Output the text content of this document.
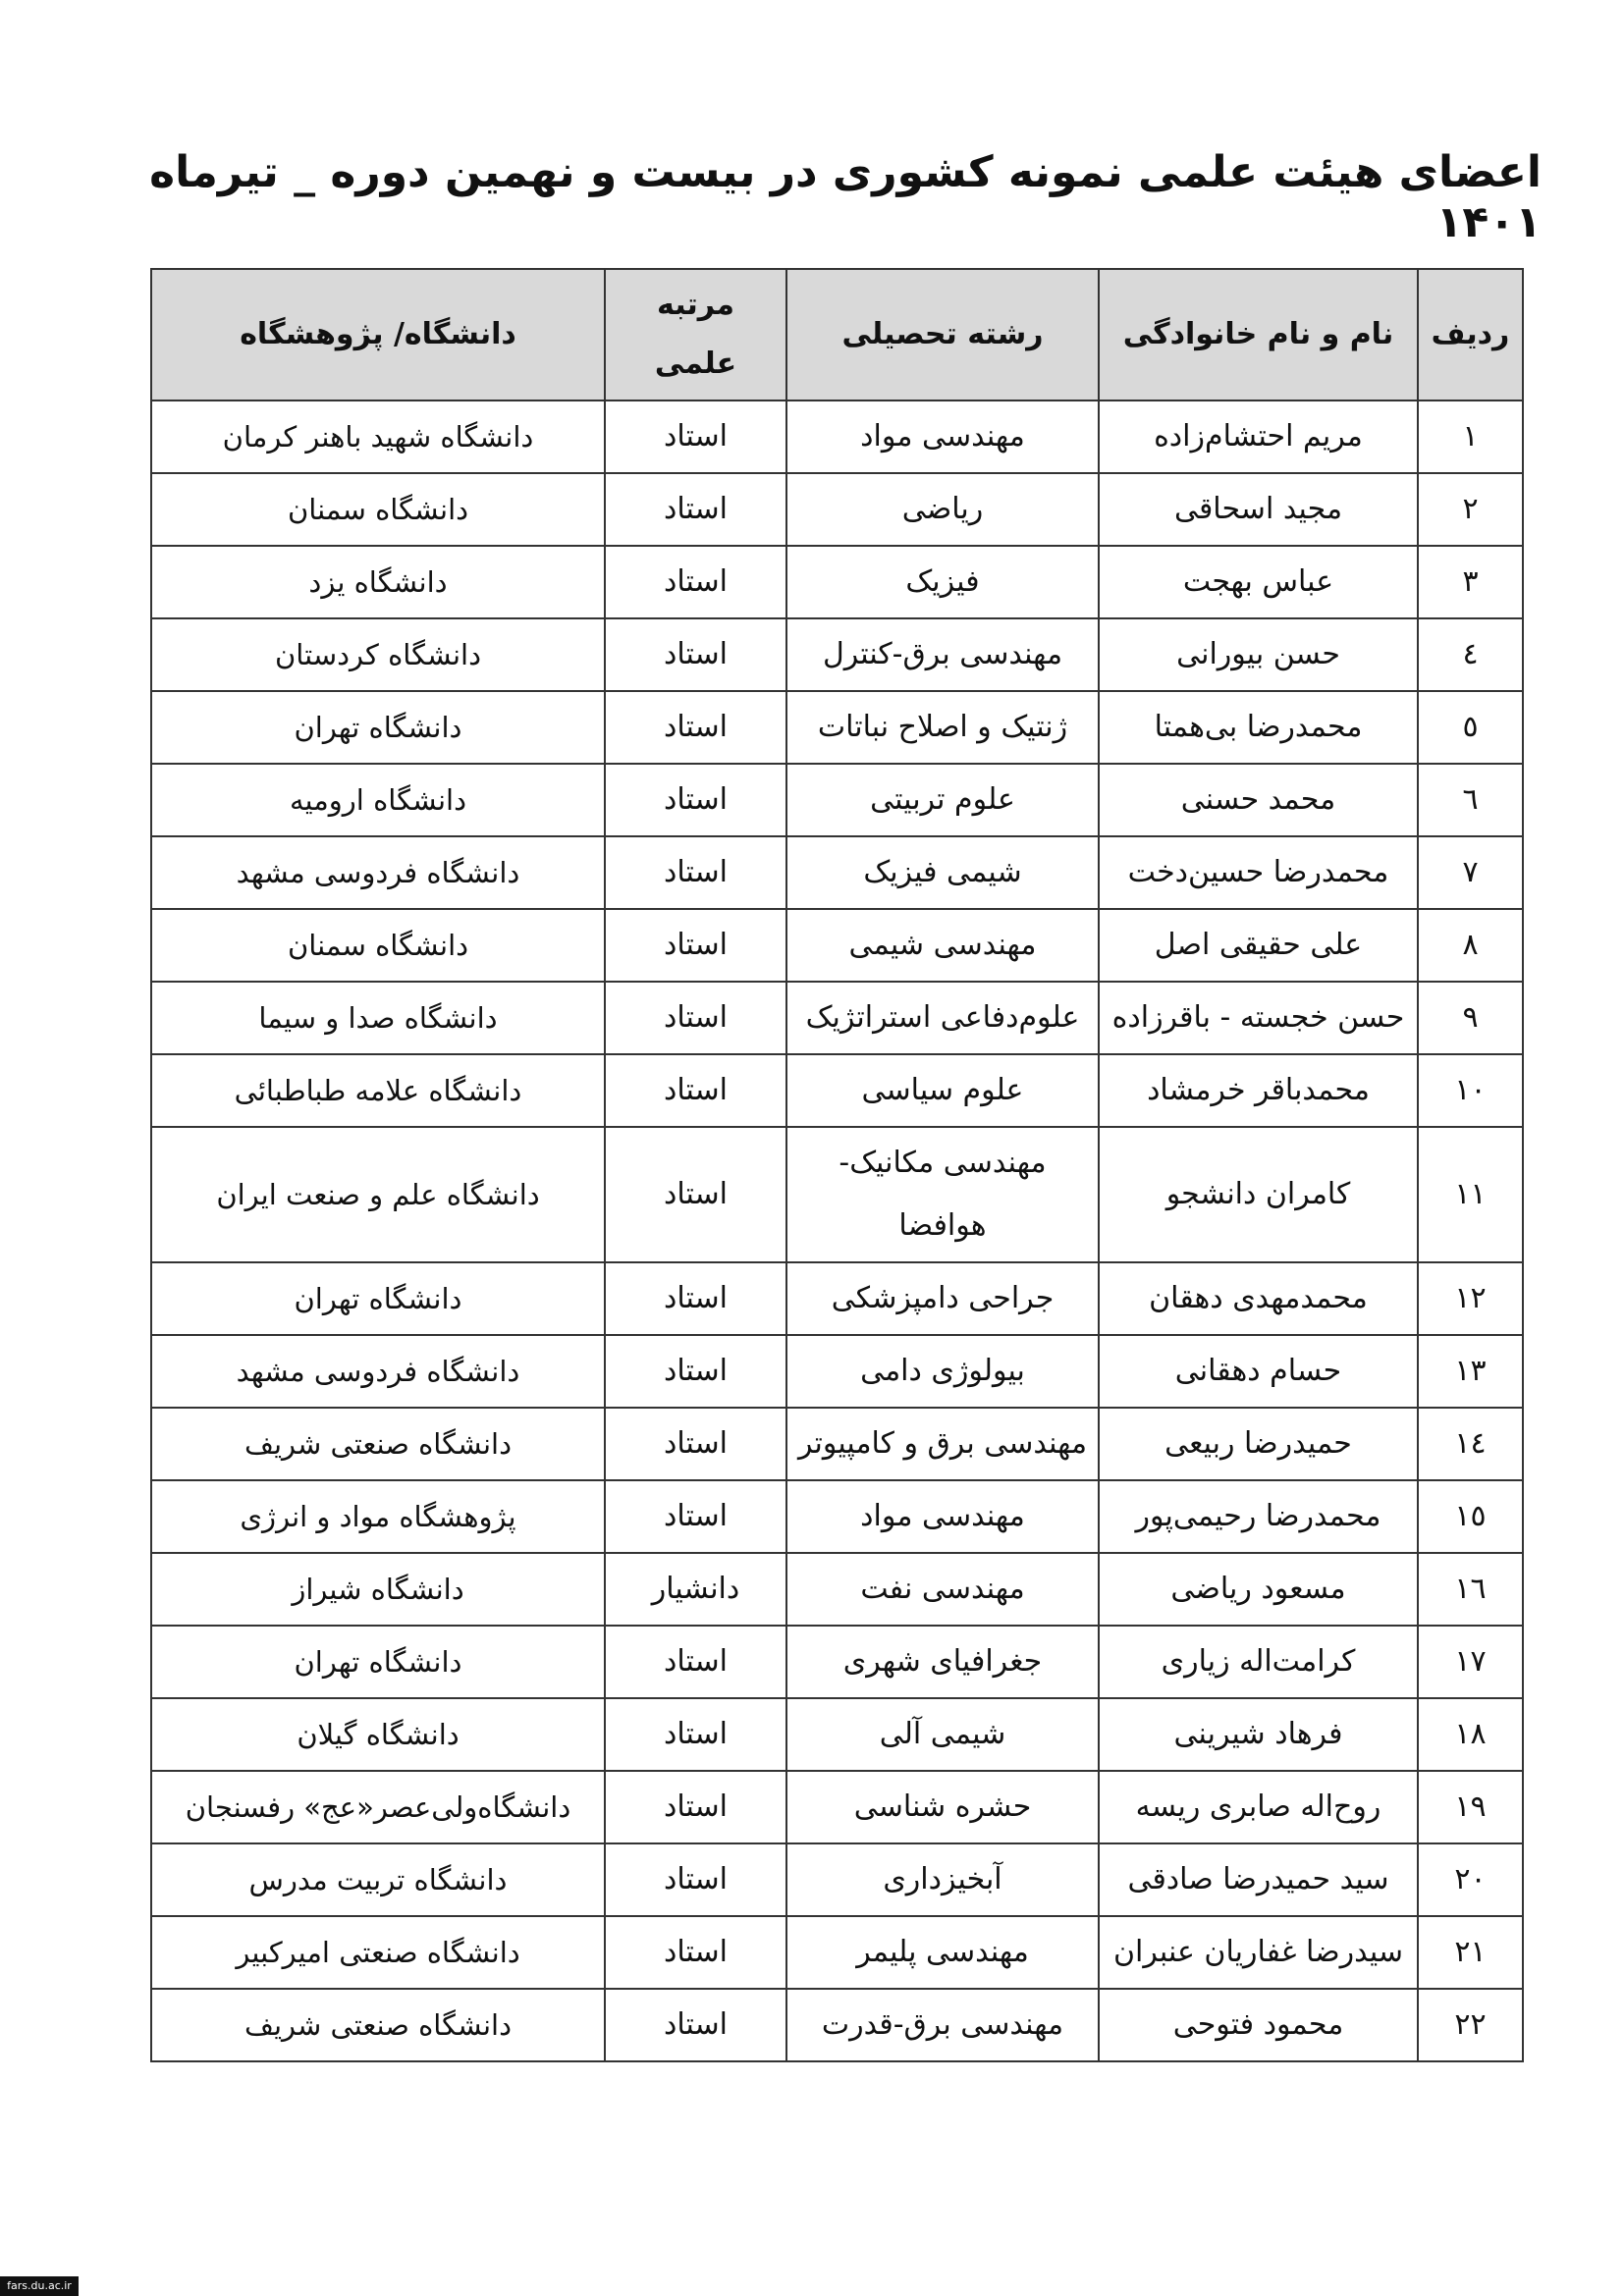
اعضای هیئت علمی نمونه کشوری در بیست و نهمین دوره _ تیرماه ۱۴۰۱
ردیف	نام و نام خانوادگی	رشته تحصیلی	مرتبه علمی	دانشگاه/ پژوهشگاه
۱	مریم احتشام‌زاده	مهندسی مواد	استاد	دانشگاه شهید باهنر کرمان
۲	مجید اسحاقی	ریاضی	استاد	دانشگاه سمنان
۳	عباس بهجت	فیزیک	استاد	دانشگاه یزد
٤	حسن بیورانی	مهندسی برق-کنترل	استاد	دانشگاه کردستان
٥	محمدرضا بی‌همتا	ژنتیک و اصلاح نباتات	استاد	دانشگاه تهران
٦	محمد حسنی	علوم تربیتی	استاد	دانشگاه ارومیه
۷	محمدرضا حسین‌دخت	شیمی فیزیک	استاد	دانشگاه فردوسی مشهد
۸	علی حقیقی اصل	مهندسی شیمی	استاد	دانشگاه سمنان
۹	حسن خجسته - باقرزاده	علوم‌دفاعی استراتژیک	استاد	دانشگاه صدا و سیما
۱۰	محمدباقر خرمشاد	علوم سیاسی	استاد	دانشگاه علامه طباطبائی
۱۱	کامران دانشجو	مهندسی مکانیک-هوافضا	استاد	دانشگاه علم و صنعت ایران
۱۲	محمدمهدی دهقان	جراحی دامپزشکی	استاد	دانشگاه تهران
۱۳	حسام دهقانی	بیولوژی دامی	استاد	دانشگاه فردوسی مشهد
۱٤	حمیدرضا ربیعی	مهندسی برق و کامپیوتر	استاد	دانشگاه صنعتی شریف
۱٥	محمدرضا رحیمی‌پور	مهندسی مواد	استاد	پژوهشگاه مواد و انرژی
۱٦	مسعود ریاضی	مهندسی نفت	دانشیار	دانشگاه شیراز
۱۷	کرامت‌اله زیاری	جغرافیای شهری	استاد	دانشگاه تهران
۱۸	فرهاد شیرینی	شیمی آلی	استاد	دانشگاه گیلان
۱۹	روح‌اله صابری ریسه	حشره شناسی	استاد	دانشگاه‌ولی‌عصر«عج» رفسنجان
۲۰	سید حمیدرضا صادقی	آبخیزداری	استاد	دانشگاه تربیت مدرس
۲۱	سیدرضا غفاریان عنبران	مهندسی پلیمر	استاد	دانشگاه صنعتی امیرکبیر
۲۲	محمود فتوحی	مهندسی برق-قدرت	استاد	دانشگاه صنعتی شریف
fars.du.ac.ir
